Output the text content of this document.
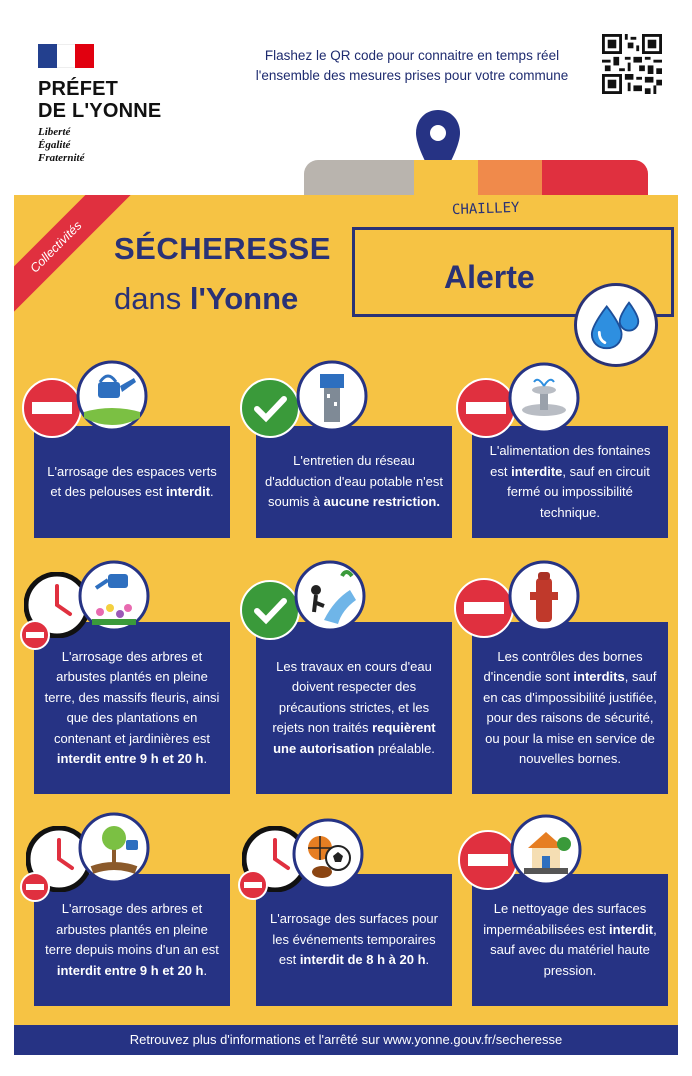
PRÉFET
DE L'YONNE
Liberté
Égalité
Fraternité
Flashez le QR code pour connaitre en temps réel
l'ensemble des mesures prises pour votre commune
Collectivités SÉCHERESSE
dans l'Yonne
CHAILLEY
Alerte
L'arrosage des espaces verts et des pelouses est interdit.
L'entretien du réseau d'adduction d'eau potable n'est soumis à aucune restriction.
L'alimentation des fontaines est interdite, sauf en circuit fermé ou impossibilité technique.
L'arrosage des arbres et arbustes plantés en pleine terre, des massifs fleuris, ainsi que des plantations en contenant et jardinières est interdit entre 9 h et 20 h.
Les travaux en cours d'eau doivent respecter des précautions strictes, et les rejets non traités requièrent une autorisation préalable.
Les contrôles des bornes d'incendie sont interdits, sauf en cas d'impossibilité justifiée, pour des raisons de sécurité, ou pour la mise en service de nouvelles bornes.
L'arrosage des arbres et arbustes plantés en pleine terre depuis moins d'un an est interdit entre 9 h et 20 h.
L'arrosage des surfaces pour les événements temporaires est interdit de 8 h à 20 h.
Le nettoyage des surfaces imperméabilisées est interdit, sauf avec du matériel haute pression.
Retrouvez plus d'informations et l'arrêté sur www.yonne.gouv.fr/secheresse
